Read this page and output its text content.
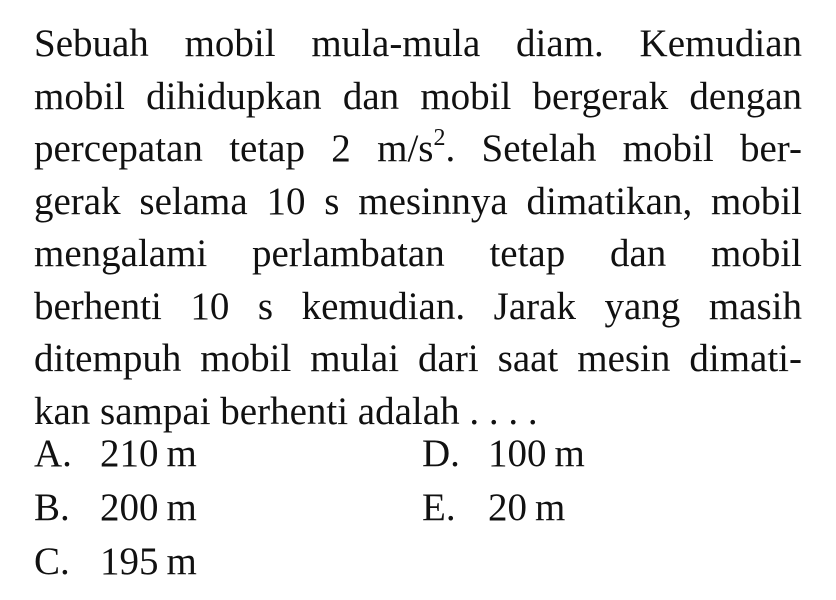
Sebuah mobil mula-mula diam. Kemudian
mobil dihidupkan dan mobil bergerak dengan
percepatan tetap 2 $m/s^2$. Setelah mobil ber-
gerak selama 10 s mesinnya dimatikan, mobil
mengalami perlambatan tetap dan mobil
berhenti 10 s kemudian. Jarak yang masih
ditempuh mobil mulai dari saat mesin dimati-
kan sampai berhenti adalah . . . .
A. 210 m
B. 200 m
C. 195 m
D. 100 m
E. 20 m
